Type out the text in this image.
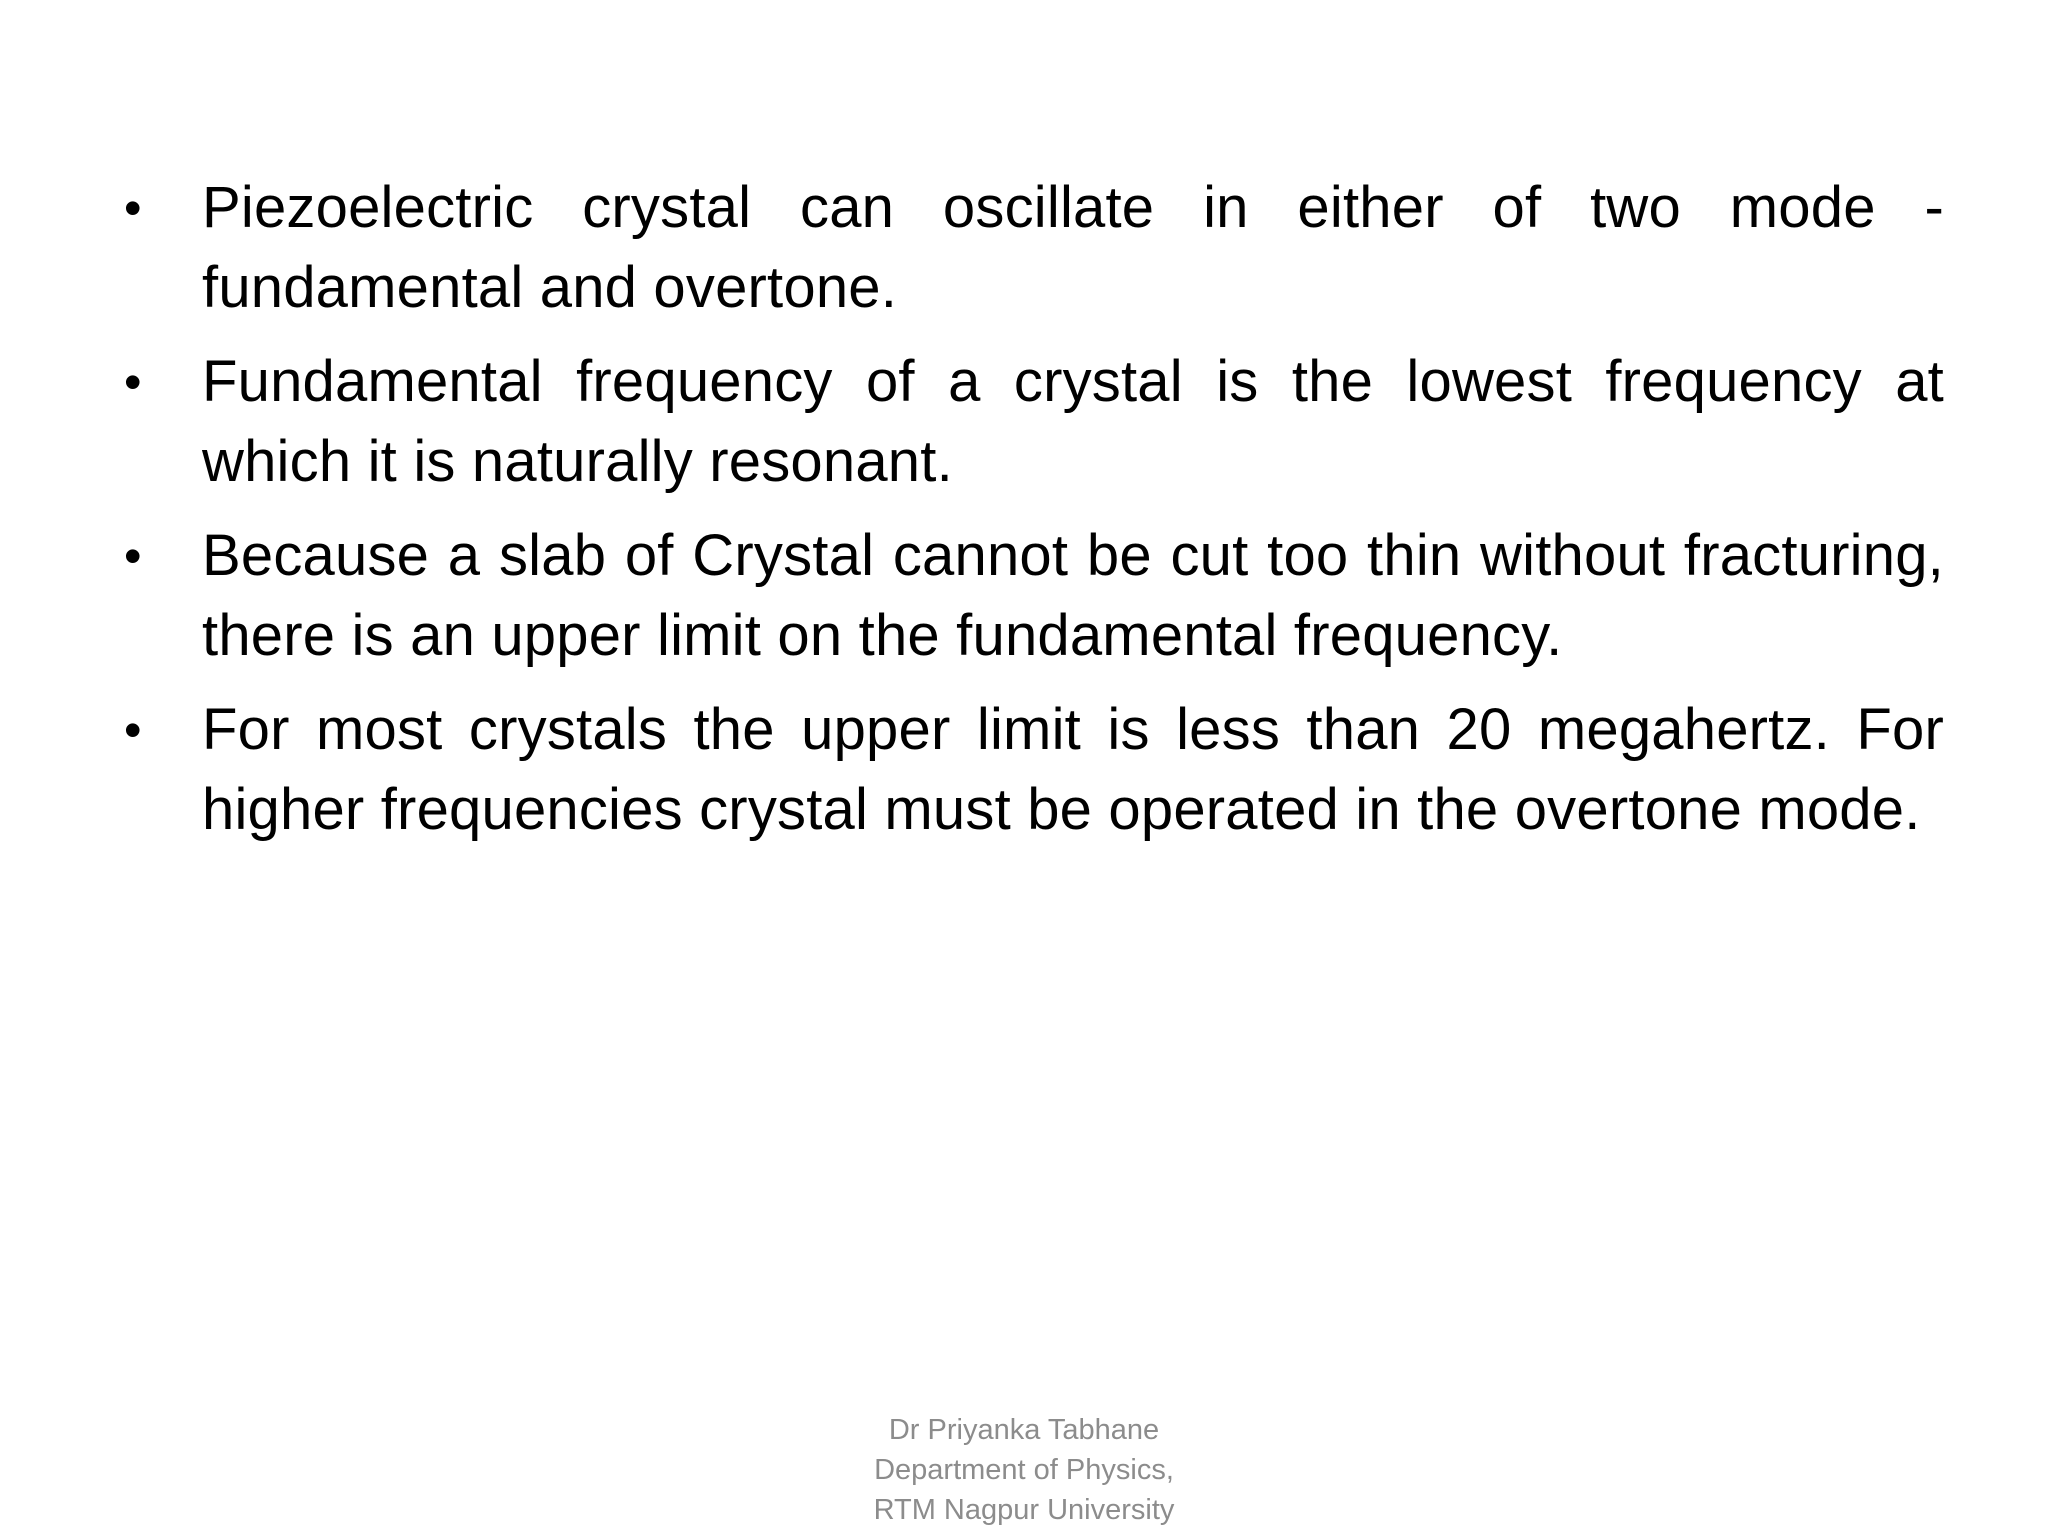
•	Piezoelectric crystal can oscillate in either of two mode - fundamental and overtone.
•	Fundamental frequency of a crystal is the lowest frequency at which it is naturally resonant.
•	Because a slab of Crystal cannot be cut too thin without fracturing, there is an upper limit on the fundamental frequency.
•	For most crystals the upper limit is less than 20 megahertz. For higher frequencies crystal must be operated in the overtone mode.
Dr Priyanka Tabhane
Department of Physics,
RTM Nagpur University
